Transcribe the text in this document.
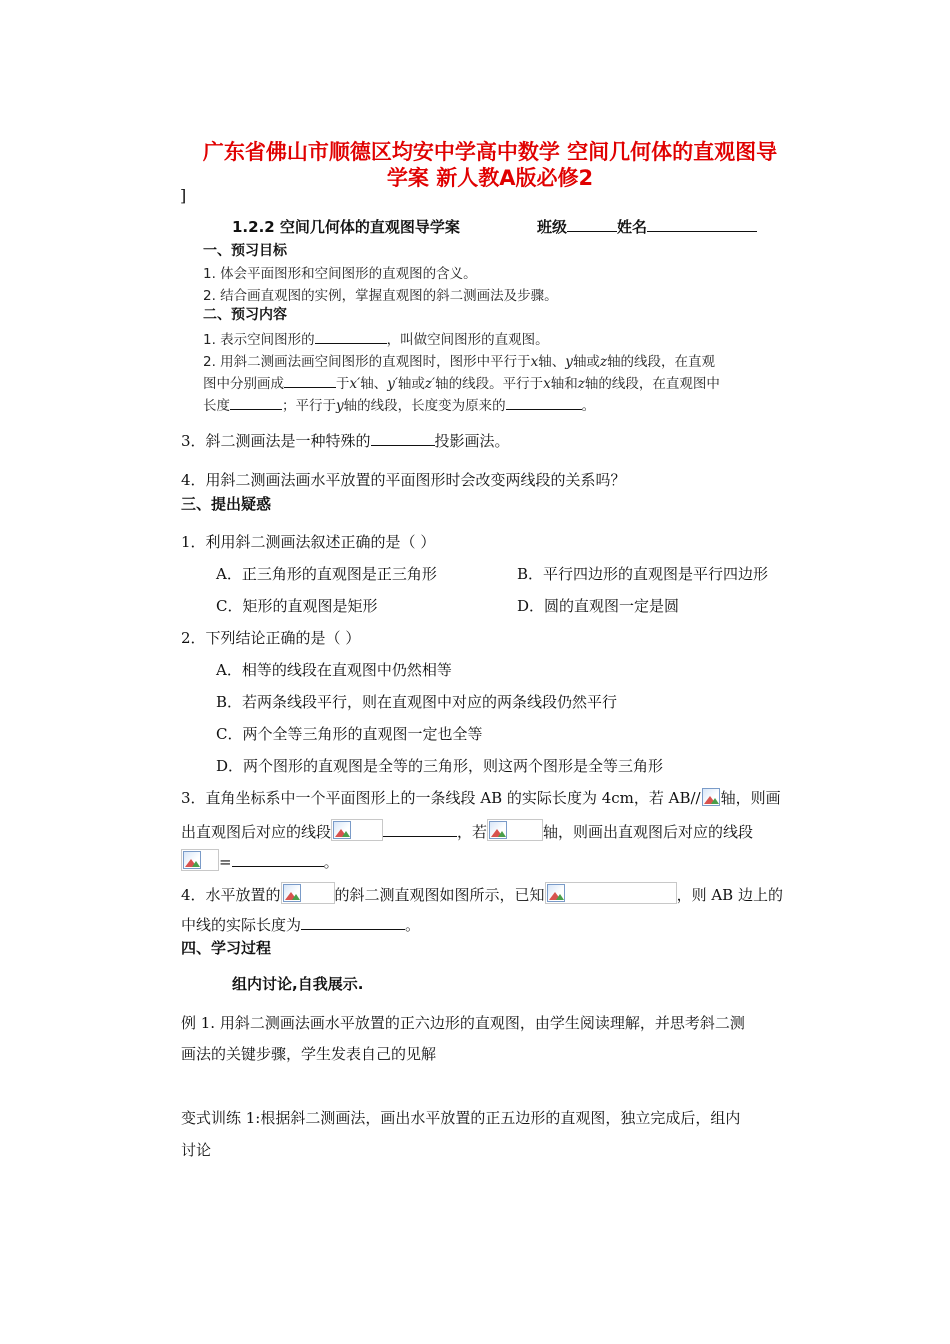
广东省佛山市顺德区均安中学高中数学 空间几何体的直观图导
学案 新人教A版必修2
]
1.2.2 空间几何体的直观图导学案	班级	姓名
一、预习目标
1. 体会平面图形和空间图形的直观图的含义。
2. 结合画直观图的实例，掌握直观图的斜二测画法及步骤。
二、预习内容
1. 表示空间图形的	，叫做空间图形的直观图。
2. 用斜二测画法画空间图形的直观图时，图形中平行于x轴、y轴或z轴的线段，在直观
图中分别画成	于x′轴、y′轴或z′轴的线段。平行于x轴和z轴的线段，在直观图中
长度	；平行于y轴的线段，长度变为原来的	。
3．斜二测画法是一种特殊的	投影画法。
4．用斜二测画法画水平放置的平面图形时会改变两线段的关系吗？
三、提出疑惑
1．利用斜二测画法叙述正确的是（ ）
A．正三角形的直观图是正三角形	B．平行四边形的直观图是平行四边形
C．矩形的直观图是矩形	D．圆的直观图一定是圆
2．下列结论正确的是（ ）
A．相等的线段在直观图中仍然相等
B．若两条线段平行，则在直观图中对应的两条线段仍然平行
C．两个全等三角形的直观图一定也全等
D．两个图形的直观图是全等的三角形，则这两个图形是全等三角形
3．直角坐标系中一个平面图形上的一条线段 AB 的实际长度为 4cm，若 AB// 轴，则画
出直观图后对应的线段	，若	轴，则画出直观图后对应的线段
=	。
4．水平放置的	的斜二测直观图如图所示，已知	，则 AB 边上的
中线的实际长度为	。
四、学习过程
组内讨论,自我展示.
例 1. 用斜二测画法画水平放置的正六边形的直观图，由学生阅读理解，并思考斜二测
画法的关键步骤，学生发表自己的见解
变式训练 1:根据斜二测画法，画出水平放置的正五边形的直观图，独立完成后，组内
讨论
